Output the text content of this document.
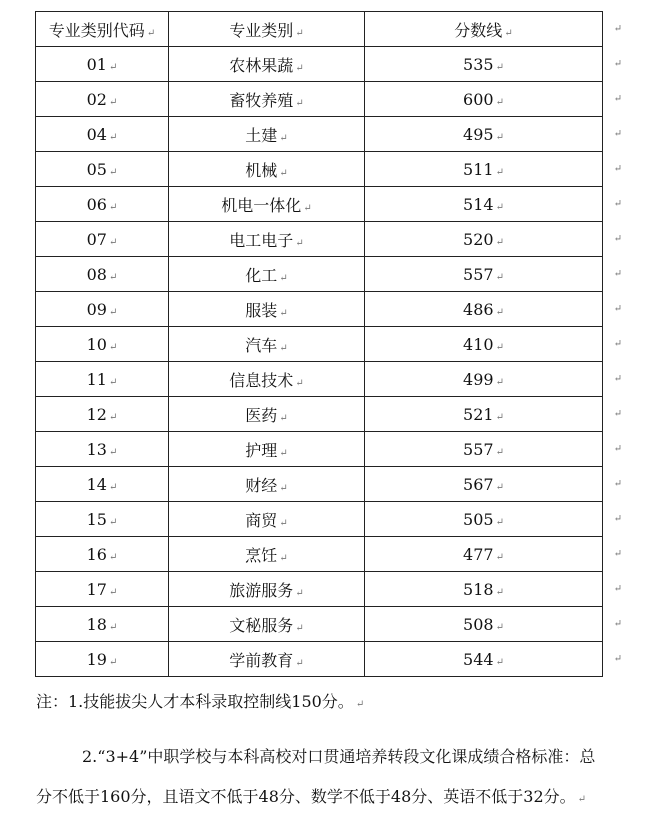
专业类别代码 ↵	专业类别 ↵	分数线 ↵ ↵

01 ↵	农林果蔬 ↵	535 ↵ ↵

02 ↵	畜牧养殖 ↵	600 ↵ ↵

04 ↵	土建 ↵	495 ↵ ↵

05 ↵	机械 ↵	511 ↵ ↵

06 ↵	机电一体化 ↵	514 ↵ ↵

07 ↵	电工电子 ↵	520 ↵ ↵

08 ↵	化工 ↵	557 ↵ ↵

09 ↵	服装 ↵	486 ↵ ↵

10 ↵	汽车 ↵	410 ↵ ↵

11 ↵	信息技术 ↵	499 ↵ ↵

12 ↵	医药 ↵	521 ↵ ↵

13 ↵	护理 ↵	557 ↵ ↵

14 ↵	财经 ↵	567 ↵ ↵

15 ↵	商贸 ↵	505 ↵ ↵

16 ↵	烹饪 ↵	477 ↵ ↵

17 ↵	旅游服务 ↵	518 ↵ ↵

18 ↵	文秘服务 ↵	508 ↵ ↵

19 ↵	学前教育 ↵	544 ↵ ↵

注：1.技能拔尖人才本科录取控制线150分。 ↵

2.“3+4”中职学校与本科高校对口贯通培养转段文化课成绩合格标准：总分不低于160分，且语文不低于48分、数学不低于48分、英语不低于32分。 ↵
